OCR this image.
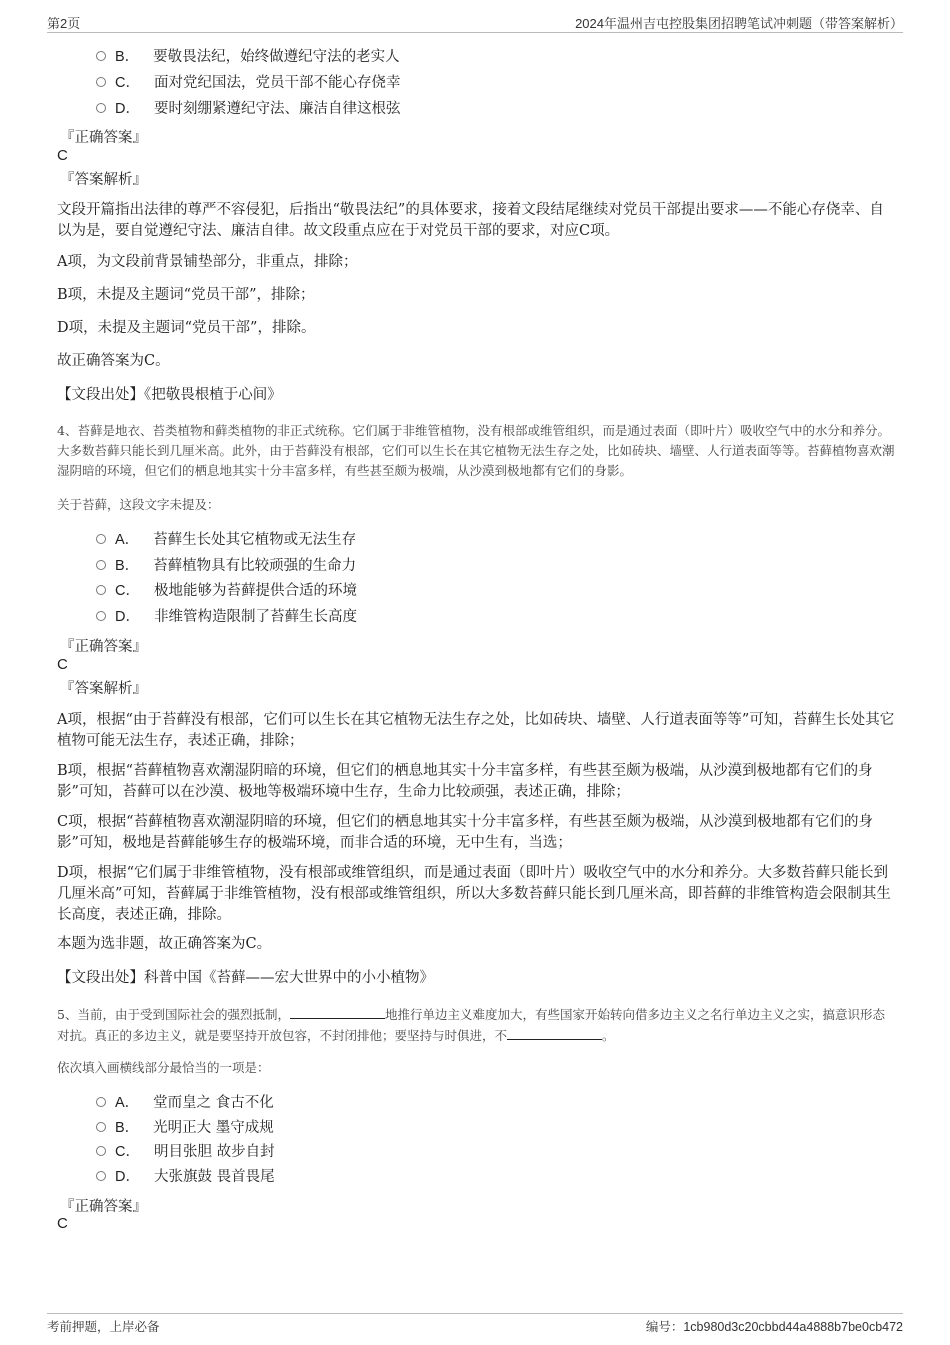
第2页	2024年温州吉屯控股集团招聘笔试冲刺题（带答案解析）
B． 要敬畏法纪，始终做遵纪守法的老实人
C． 面对党纪国法，党员干部不能心存侥幸
D． 要时刻绷紧遵纪守法、廉洁自律这根弦
『正确答案』
C
『答案解析』
文段开篇指出法律的尊严不容侵犯，后指出“敬畏法纪”的具体要求，接着文段结尾继续对党员干部提出要求——不能心存侥幸、自以为是，要自觉遵纪守法、廉洁自律。故文段重点应在于对党员干部的要求，对应C项。
A项，为文段前背景铺垫部分，非重点，排除；
B项，未提及主题词“党员干部”，排除；
D项，未提及主题词“党员干部”，排除。
故正确答案为C。
【文段出处】《把敬畏根植于心间》
4、苔藓是地衣、苔类植物和藓类植物的非正式统称。它们属于非维管植物，没有根部或维管组织，而是通过表面（即叶片）吸收空气中的水分和养分。大多数苔藓只能长到几厘米高。此外，由于苔藓没有根部，它们可以生长在其它植物无法生存之处，比如砖块、墙壁、人行道表面等等。苔藓植物喜欢潮湿阴暗的环境，但它们的栖息地其实十分丰富多样，有些甚至颇为极端，从沙漠到极地都有它们的身影。
关于苔藓，这段文字未提及：
A． 苔藓生长处其它植物或无法生存
B． 苔藓植物具有比较顽强的生命力
C． 极地能够为苔藓提供合适的环境
D． 非维管构造限制了苔藓生长高度
『正确答案』
C
『答案解析』
A项，根据“由于苔藓没有根部，它们可以生长在其它植物无法生存之处，比如砖块、墙壁、人行道表面等等”可知，苔藓生长处其它植物可能无法生存，表述正确，排除；
B项，根据“苔藓植物喜欢潮湿阴暗的环境，但它们的栖息地其实十分丰富多样，有些甚至颇为极端，从沙漠到极地都有它们的身影”可知，苔藓可以在沙漠、极地等极端环境中生存，生命力比较顽强，表述正确，排除；
C项，根据“苔藓植物喜欢潮湿阴暗的环境，但它们的栖息地其实十分丰富多样，有些甚至颇为极端，从沙漠到极地都有它们的身影”可知，极地是苔藓能够生存的极端环境，而非合适的环境，无中生有，当选；
D项，根据“它们属于非维管植物，没有根部或维管组织，而是通过表面（即叶片）吸收空气中的水分和养分。大多数苔藓只能长到几厘米高”可知，苔藓属于非维管植物，没有根部或维管组织，所以大多数苔藓只能长到几厘米高，即苔藓的非维管构造会限制其生长高度，表述正确，排除。
本题为选非题，故正确答案为C。
【文段出处】科普中国《苔藓——宏大世界中的小小植物》
5、当前，由于受到国际社会的强烈抵制，	地推行单边主义难度加大，有些国家开始转向借多边主义之名行单边主义之实，搞意识形态对抗。真正的多边主义，就是要坚持开放包容，不封闭排他；要坚持与时俱进，不	。
依次填入画横线部分最恰当的一项是：
A． 堂而皇之 食古不化
B． 光明正大 墨守成规
C． 明目张胆 故步自封
D． 大张旗鼓 畏首畏尾
『正确答案』
C
考前押题，上岸必备	编号：1cb980d3c20cbbd44a4888b7be0cb472
